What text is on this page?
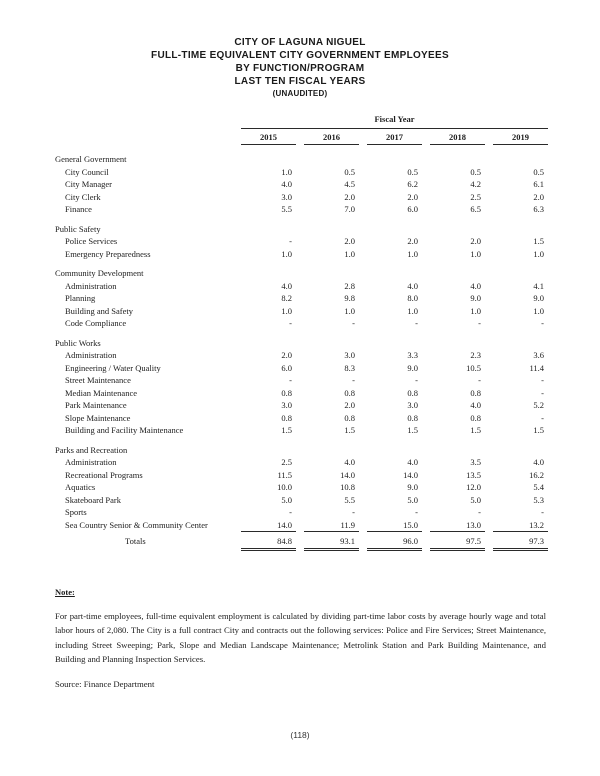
CITY OF LAGUNA NIGUEL
FULL-TIME EQUIVALENT CITY GOVERNMENT EMPLOYEES
BY FUNCTION/PROGRAM
LAST TEN FISCAL YEARS
(UNAUDITED)
Fiscal Year
2015	2016	2017	2018	2019
General Government
City Council	1.0	0.5	0.5	0.5	0.5
City Manager	4.0	4.5	6.2	4.2	6.1
City Clerk	3.0	2.0	2.0	2.5	2.0
Finance	5.5	7.0	6.0	6.5	6.3
Public Safety
Police Services	-	2.0	2.0	2.0	1.5
Emergency Preparedness	1.0	1.0	1.0	1.0	1.0
Community Development
Administration	4.0	2.8	4.0	4.0	4.1
Planning	8.2	9.8	8.0	9.0	9.0
Building and Safety	1.0	1.0	1.0	1.0	1.0
Code Compliance	-	-	-	-	-
Public Works
Administration	2.0	3.0	3.3	2.3	3.6
Engineering / Water Quality	6.0	8.3	9.0	10.5	11.4
Street Maintenance	-	-	-	-	-
Median Maintenance	0.8	0.8	0.8	0.8	-
Park Maintenance	3.0	2.0	3.0	4.0	5.2
Slope Maintenance	0.8	0.8	0.8	0.8	-
Building and Facility Maintenance	1.5	1.5	1.5	1.5	1.5
Parks and Recreation
Administration	2.5	4.0	4.0	3.5	4.0
Recreational Programs	11.5	14.0	14.0	13.5	16.2
Aquatics	10.0	10.8	9.0	12.0	5.4
Skateboard Park	5.0	5.5	5.0	5.0	5.3
Sports	-	-	-	-	-
Sea Country Senior & Community Center	14.0	11.9	15.0	13.0	13.2
Totals	84.8	93.1	96.0	97.5	97.3
Note:
For part-time employees, full-time equivalent employment is calculated by dividing part-time labor costs by average hourly wage and total labor hours of 2,080. The City is a full contract City and contracts out the following services: Police and Fire Services; Street Maintenance, including Street Sweeping; Park, Slope and Median Landscape Maintenance; Metrolink Station and Park Building Maintenance, and Building and Planning Inspection Services.
Source: Finance Department
(118)
